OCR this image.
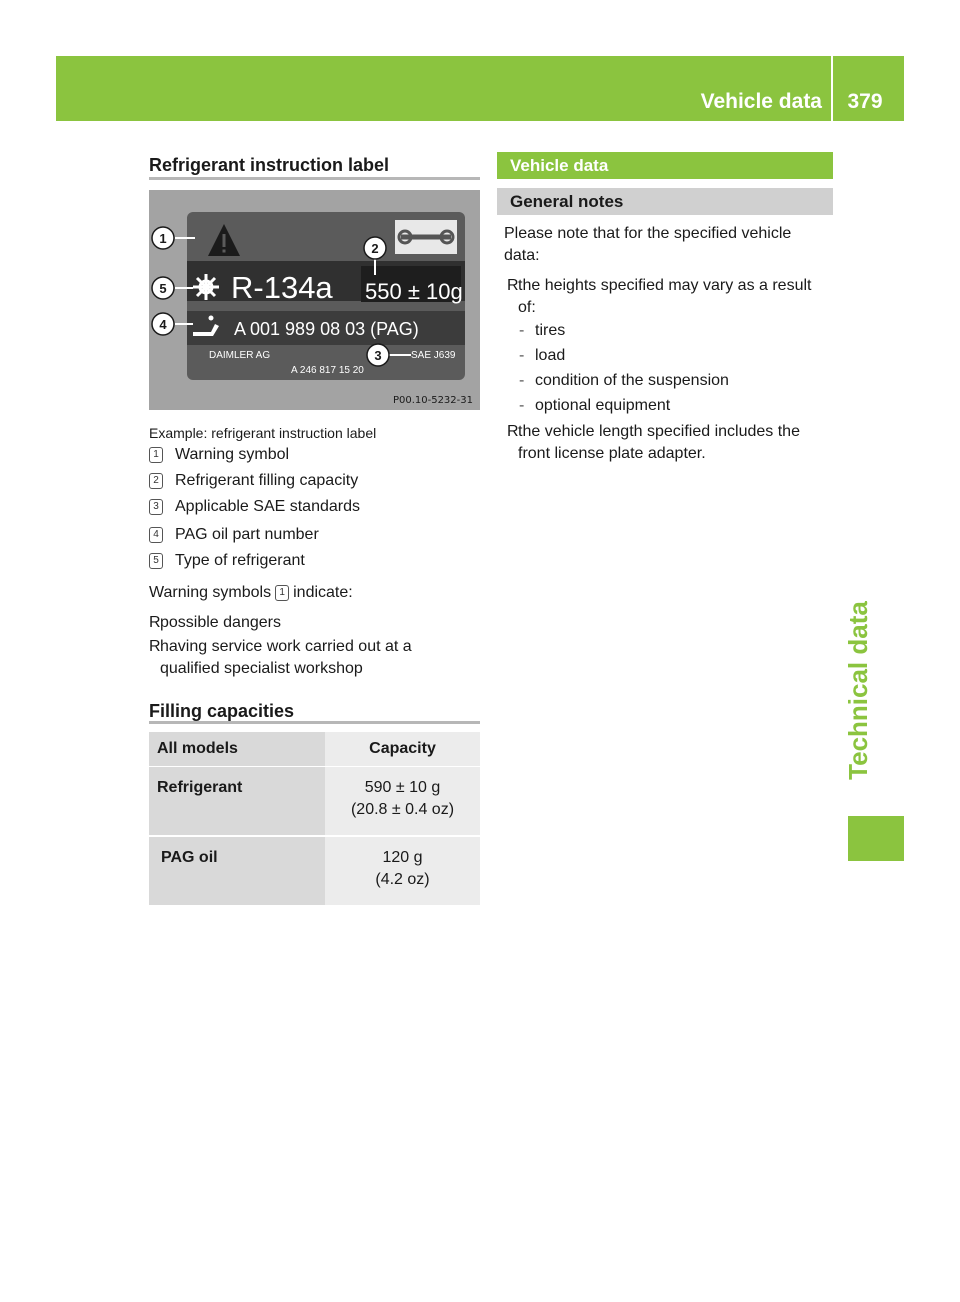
Vehicle data	379
Technical data
Refrigerant instruction label
R-134a 550 ± 10g
A 001 989 08 03 (PAG)
DAIMLER AG
A 246 817 15 20
SAE J639
1
2
3
4
5
P00.10-5232-31
Example: refrigerant instruction label
1 Warning symbol
2 Refrigerant filling capacity
3 Applicable SAE standards
4 PAG oil part number
5 Type of refrigerant
Warning symbols 1 indicate:
R possible dangers
R having service work carried out at a
qualified specialist workshop
Filling capacities
All models	Capacity
Refrigerant	590 ± 10 g
(20.8 ± 0.4 oz)

PAG oil	120 g
(4.2 oz)
Vehicle data
General notes
Please note that for the specified vehicle
data:
R the heights specified may vary as a result
of:
- tires
- load
- condition of the suspension
- optional equipment
R the vehicle length specified includes the
front license plate adapter.
